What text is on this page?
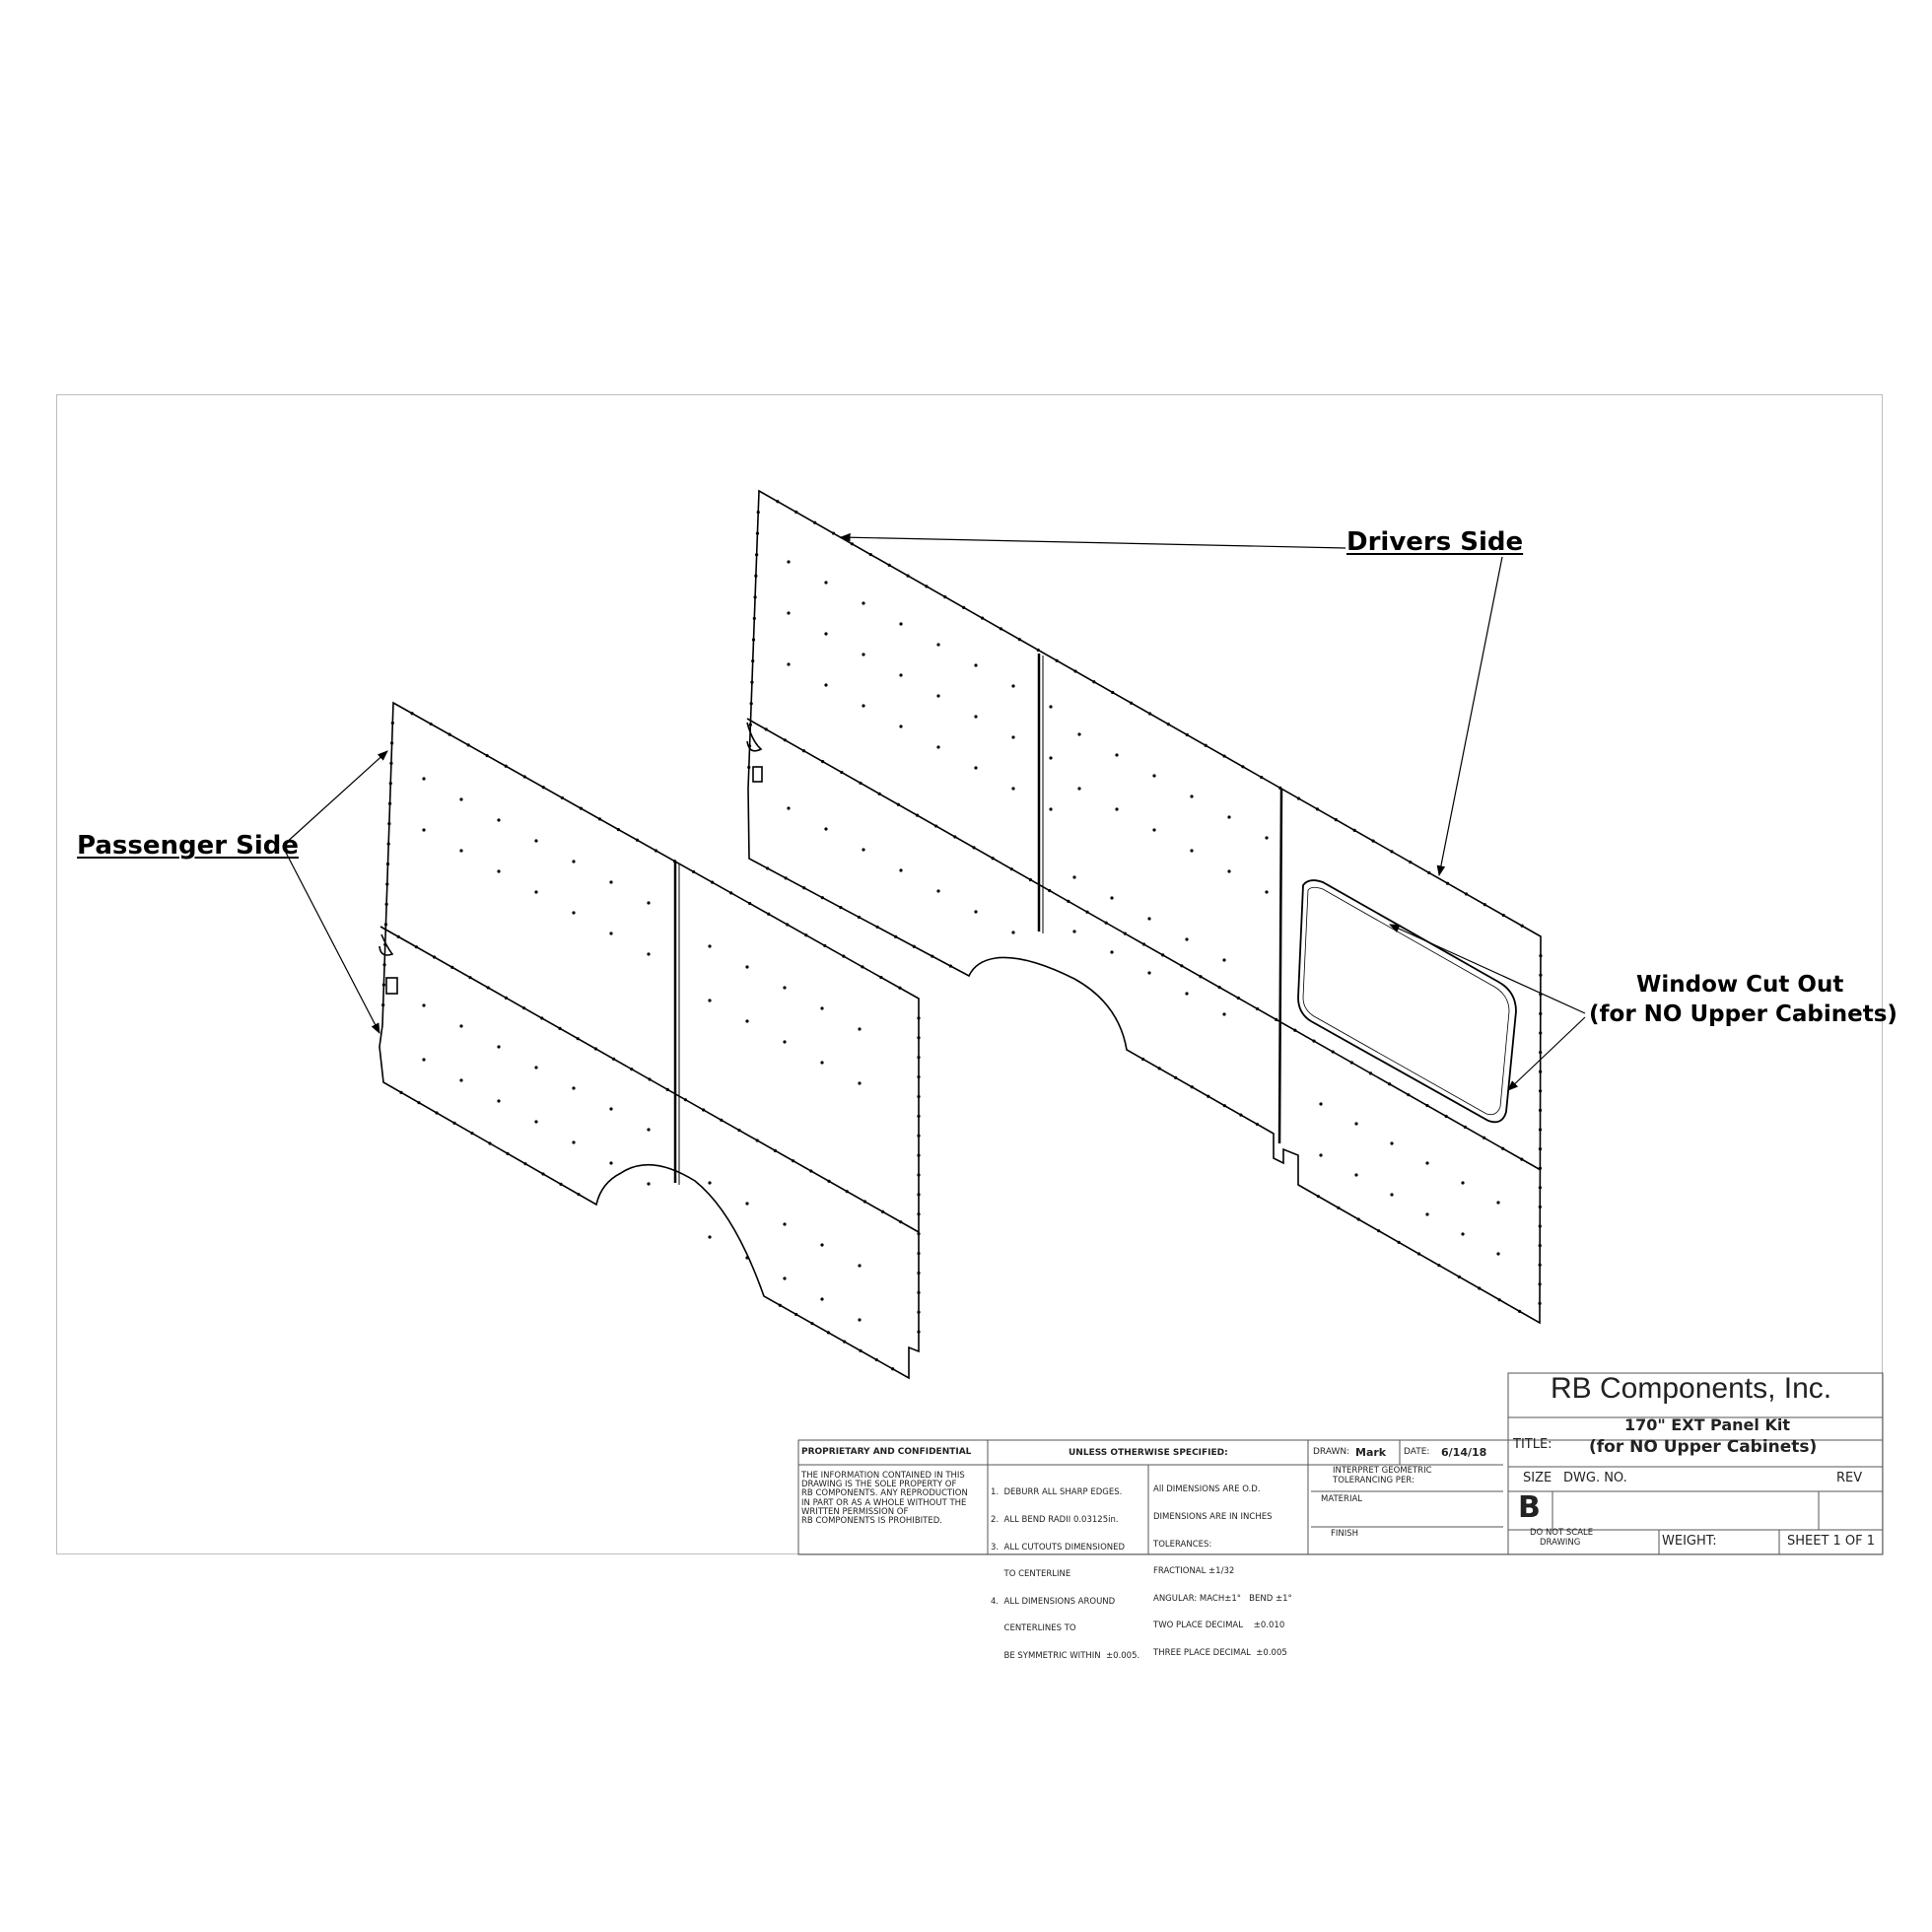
Drivers Side
Passenger Side
Window Cut Out
(for NO Upper Cabinets)
RB Components, Inc.
TITLE:
170" EXT Panel Kit
(for NO Upper Cabinets)
SIZE DWG. NO.	REV
B
DO NOT SCALE
DRAWING	WEIGHT:	SHEET 1 OF 1
DRAWN: Mark DATE: 6/14/18
INTERPRET GEOMETRIC
TOLERANCING PER:
MATERIAL
FINISH
PROPRIETARY AND CONFIDENTIAL	UNLESS OTHERWISE SPECIFIED:
THE INFORMATION CONTAINED IN THIS
DRAWING IS THE SOLE PROPERTY OF
RB COMPONENTS. ANY REPRODUCTION
IN PART OR AS A WHOLE WITHOUT THE
WRITTEN PERMISSION OF
RB COMPONENTS IS PROHIBITED.

1.  DEBURR ALL SHARP EDGES.

2.  ALL BEND RADII 0.03125in.

3.  ALL CUTOUTS DIMENSIONED

TO CENTERLINE

4.  ALL DIMENSIONS AROUND

CENTERLINES TO

BE SYMMETRIC WITHIN  ±0.005.

All DIMENSIONS ARE O.D.

DIMENSIONS ARE IN INCHES

TOLERANCES:

FRACTIONAL ±1/32

ANGULAR: MACH±1°   BEND ±1°

TWO PLACE DECIMAL    ±0.010

THREE PLACE DECIMAL  ±0.005
